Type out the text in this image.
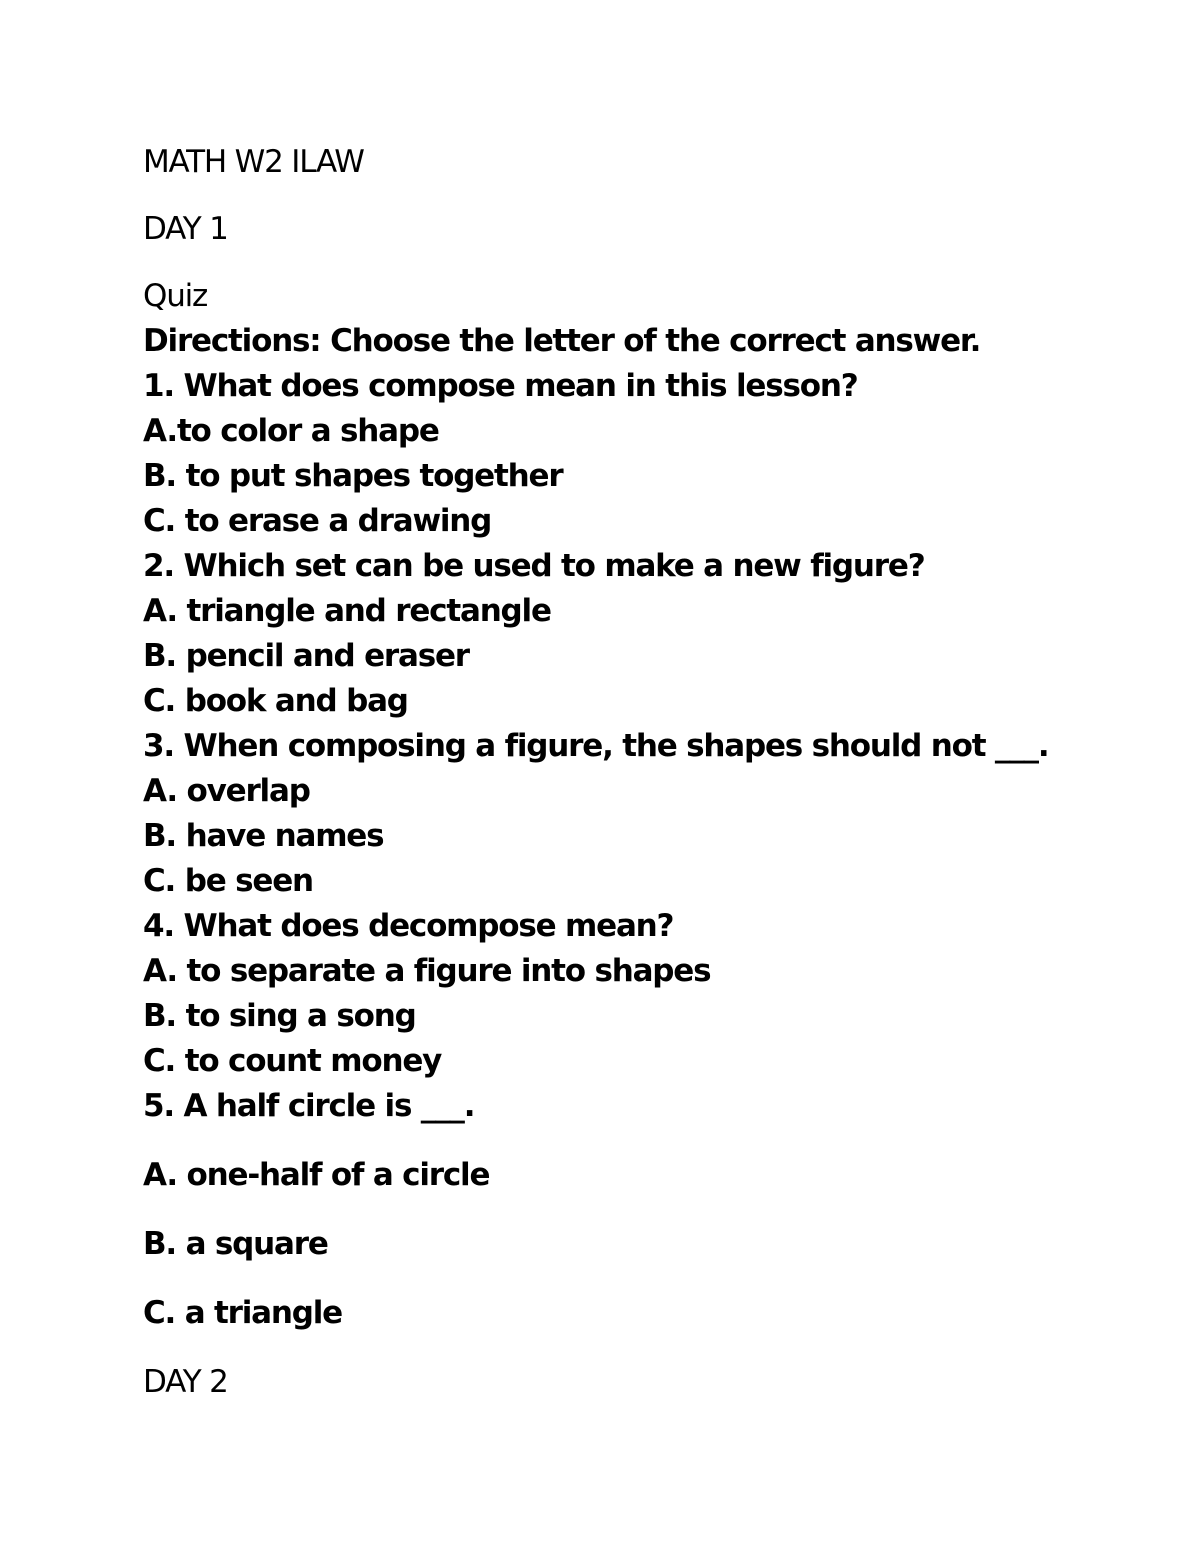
MATH W2 ILAW
DAY 1
Quiz
Directions: Choose the letter of the correct answer.
1. What does compose mean in this lesson?
A.to color a shape
B. to put shapes together
C. to erase a drawing
2. Which set can be used to make a new figure?
A. triangle and rectangle
B. pencil and eraser
C. book and bag
3. When composing a figure, the shapes should not ___.
A. overlap
B. have names
C. be seen
4. What does decompose mean?
A. to separate a figure into shapes
B. to sing a song
C. to count money
5. A half circle is ___.
A. one-half of a circle
B. a square
C. a triangle
DAY 2
